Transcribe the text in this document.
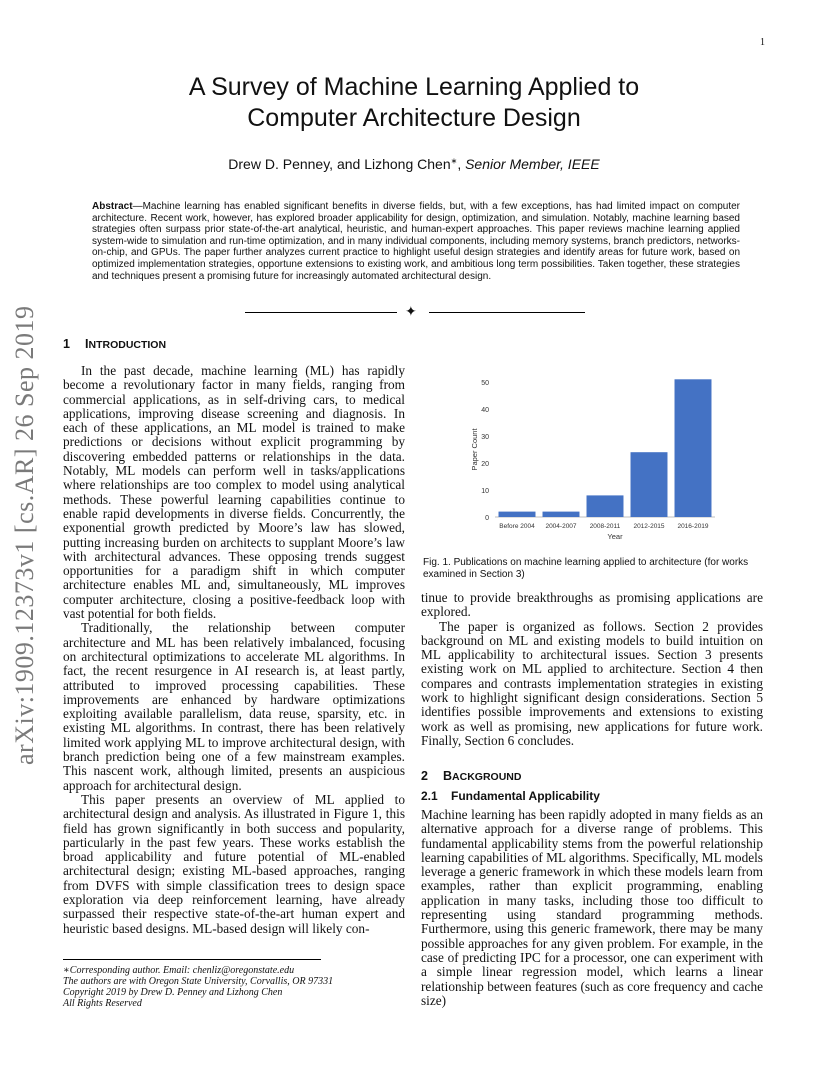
1
A Survey of Machine Learning Applied to
Computer Architecture Design
Drew D. Penney, and Lizhong Chen∗, Senior Member, IEEE
Abstract—Machine learning has enabled significant benefits in diverse fields, but, with a few exceptions, has had limited impact on computer architecture. Recent work, however, has explored broader applicability for design, optimization, and simulation. Notably, machine learning based strategies often surpass prior state-of-the-art analytical, heuristic, and human-expert approaches. This paper reviews machine learning applied system-wide to simulation and run-time optimization, and in many individual components, including memory systems, branch predictors, networks-on-chip, and GPUs. The paper further analyzes current practice to highlight useful design strategies and identify areas for future work, based on optimized implementation strategies, opportune extensions to existing work, and ambitious long term possibilities. Taken together, these strategies and techniques present a promising future for increasingly automated architectural design.
✦
arXiv:1909.12373v1 [cs.AR] 26 Sep 2019 1 INTRODUCTION

In the past decade, machine learning (ML) has rapidly become a revolutionary factor in many fields, ranging from commercial applications, as in self-driving cars, to medical applications, improving disease screening and diagnosis. In each of these applications, an ML model is trained to make predictions or decisions without explicit programming by discovering embedded patterns or relationships in the data. Notably, ML models can perform well in tasks/applications where relationships are too complex to model using analytical methods. These powerful learning capabilities continue to enable rapid developments in diverse fields. Concurrently, the exponential growth predicted by Moore’s law has slowed, putting increasing burden on architects to supplant Moore’s law with architectural advances. These opposing trends suggest opportunities for a paradigm shift in which computer architecture enables ML and, simultaneously, ML improves computer architecture, closing a positive-feedback loop with vast potential for both fields.

Traditionally, the relationship between computer architecture and ML has been relatively imbalanced, focusing on architectural optimizations to accelerate ML algorithms. In fact, the recent resurgence in AI research is, at least partly, attributed to improved processing capabilities. These improvements are enhanced by hardware optimizations exploiting available parallelism, data reuse, sparsity, etc. in existing ML algorithms. In contrast, there has been relatively limited work applying ML to improve architectural design, with branch prediction being one of a few mainstream examples. This nascent work, although limited, presents an auspicious approach for architectural design.

This paper presents an overview of ML applied to architectural design and analysis. As illustrated in Figure 1, this field has grown significantly in both success and popularity, particularly in the past few years. These works establish the broad applicability and future potential of ML-enabled architectural design; existing ML-based approaches, ranging from DVFS with simple classification trees to design space exploration via deep reinforcement learning, have already surpassed their respective state-of-the-art human expert and heuristic based designs. ML-based design will likely con-

∗Corresponding author. Email: chenliz@oregonstate.edu
The authors are with Oregon State University, Corvallis, OR 97331
Copyright 2019 by Drew D. Penney and Lizhong Chen
All Rights Reserved
0
10
20
30
40
50
Before 2004 2004-2007 2008-2011 2012-2015 2016-2019
Year
Paper Count
Fig. 1. Publications on machine learning applied to architecture (for works examined in Section 3)

tinue to provide breakthroughs as promising applications are explored.

The paper is organized as follows. Section 2 provides background on ML and existing models to build intuition on ML applicability to architectural issues. Section 3 presents existing work on ML applied to architecture. Section 4 then compares and contrasts implementation strategies in existing work to highlight significant design considerations. Section 5 identifies possible improvements and extensions to existing work as well as promising, new applications for future work. Finally, Section 6 concludes.

2 BACKGROUND
2.1 Fundamental Applicability

Machine learning has been rapidly adopted in many fields as an alternative approach for a diverse range of problems. This fundamental applicability stems from the powerful relationship learning capabilities of ML algorithms. Specifically, ML models leverage a generic framework in which these models learn from examples, rather than explicit programming, enabling application in many tasks, including those too difficult to representing using standard programming methods. Furthermore, using this generic framework, there may be many possible approaches for any given problem. For example, in the case of predicting IPC for a processor, one can experiment with a simple linear regression model, which learns a linear relationship between features (such as core frequency and cache size)
